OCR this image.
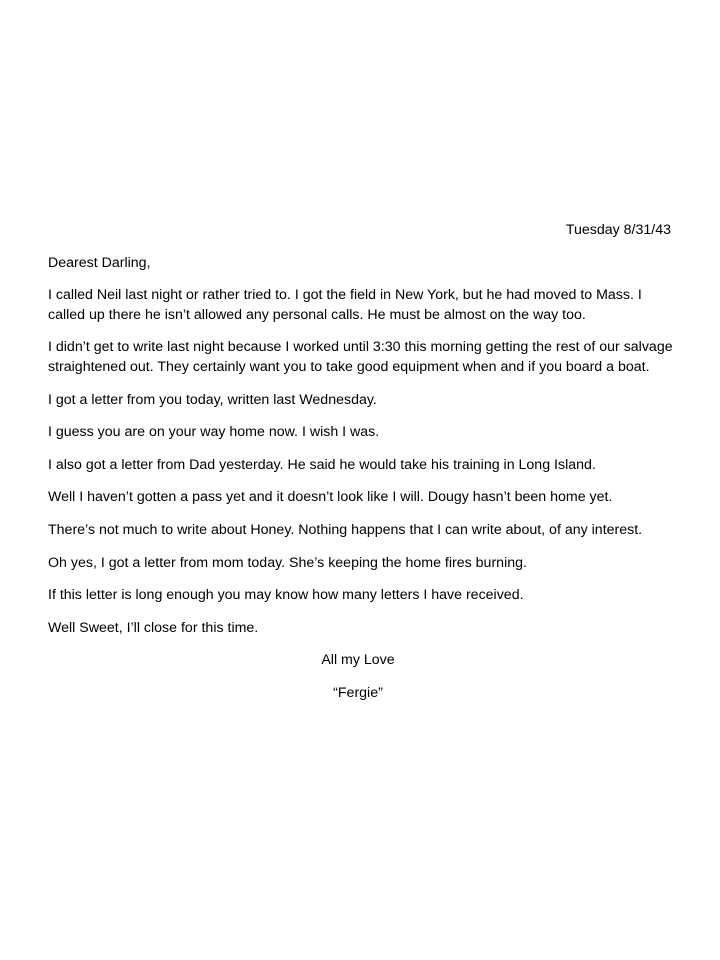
Tuesday 8/31/43

Dearest Darling,

I called Neil last night or rather tried to. I got the field in New York, but he had moved to Mass. I called up there he isn’t allowed any personal calls. He must be almost on the way too.

I didn’t get to write last night because I worked until 3:30 this morning getting the rest of our salvage straightened out. They certainly want you to take good equipment when and if you board a boat.

I got a letter from you today, written last Wednesday.

I guess you are on your way home now. I wish I was.

I also got a letter from Dad yesterday. He said he would take his training in Long Island.

Well I haven’t gotten a pass yet and it doesn’t look like I will. Dougy hasn’t been home yet.

There’s not much to write about Honey. Nothing happens that I can write about, of any interest.

Oh yes, I got a letter from mom today. She’s keeping the home fires burning.

If this letter is long enough you may know how many letters I have received.

Well Sweet, I’ll close for this time.

All my Love

“Fergie”
